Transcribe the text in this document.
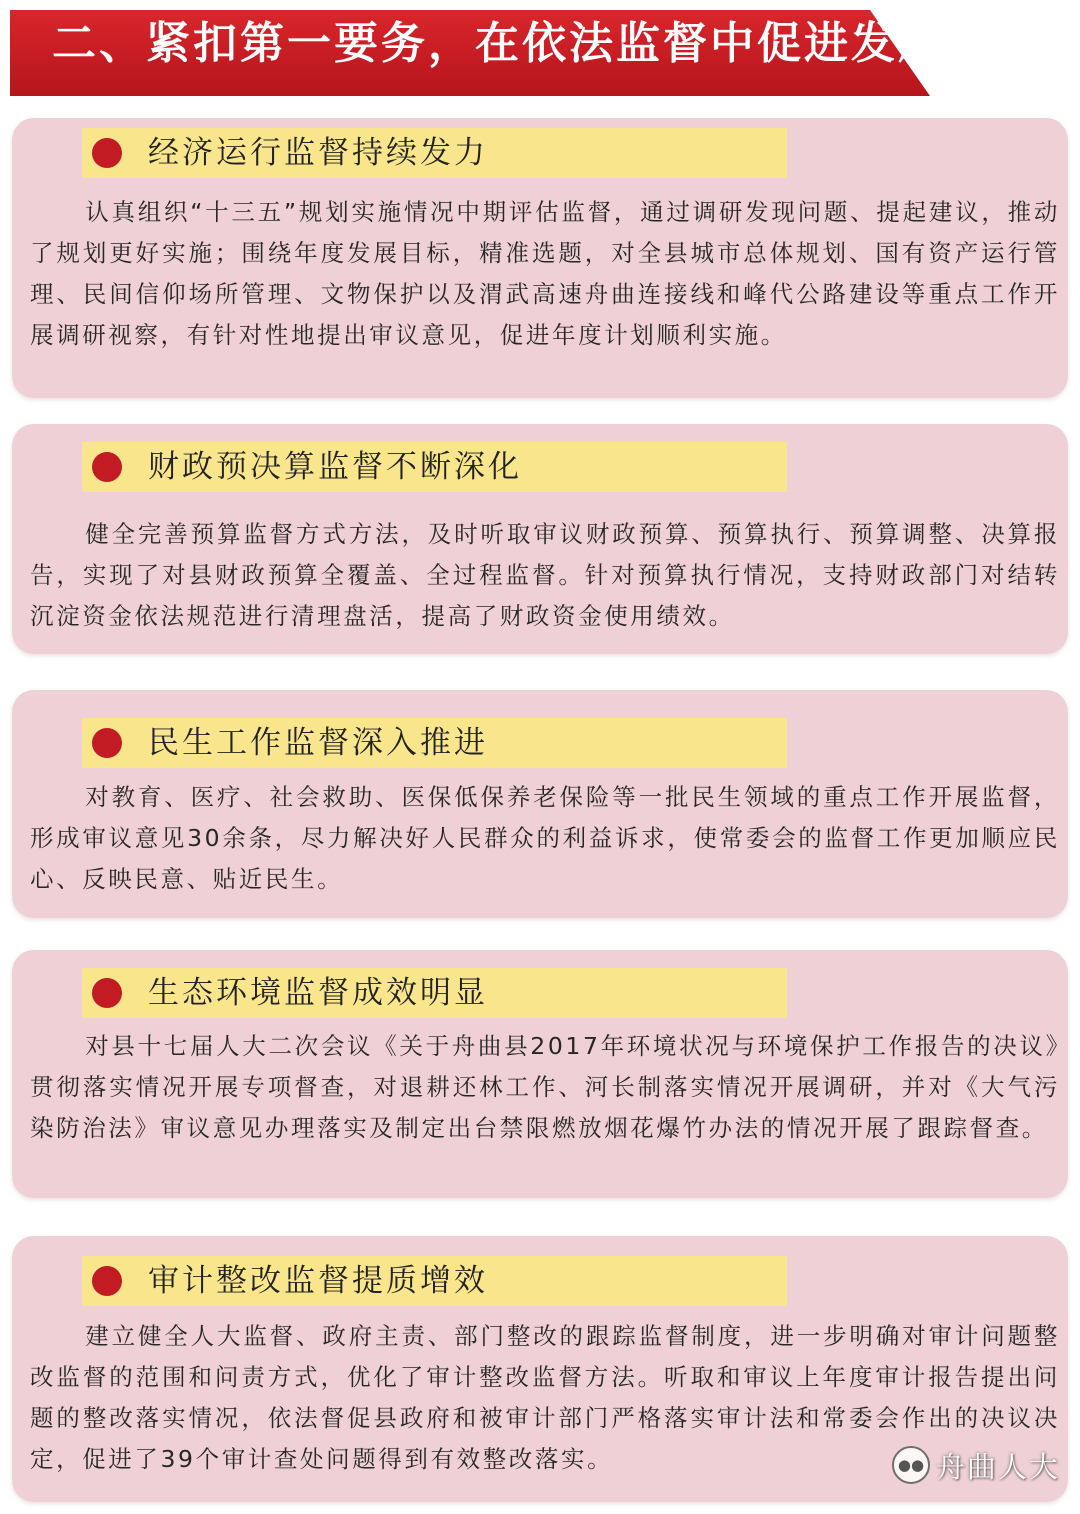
二、紧扣第一要务，在依法监督中促进发展
经济运行监督持续发力
认真组织“十三五”规划实施情况中期评估监督，通过调研发现问题、提起建议，推动了规划更好实施；围绕年度发展目标，精准选题，对全县城市总体规划、国有资产运行管理、民间信仰场所管理、文物保护以及渭武高速舟曲连接线和峰代公路建设等重点工作开展调研视察，有针对性地提出审议意见，促进年度计划顺利实施。
财政预决算监督不断深化
健全完善预算监督方式方法，及时听取审议财政预算、预算执行、预算调整、决算报告，实现了对县财政预算全覆盖、全过程监督。针对预算执行情况，支持财政部门对结转沉淀资金依法规范进行清理盘活，提高了财政资金使用绩效。
民生工作监督深入推进
对教育、医疗、社会救助、医保低保养老保险等一批民生领域的重点工作开展监督，形成审议意见30余条，尽力解决好人民群众的利益诉求，使常委会的监督工作更加顺应民心、反映民意、贴近民生。
生态环境监督成效明显
对县十七届人大二次会议《关于舟曲县2017年环境状况与环境保护工作报告的决议》贯彻落实情况开展专项督查，对退耕还林工作、河长制落实情况开展调研，并对《大气污染防治法》审议意见办理落实及制定出台禁限燃放烟花爆竹办法的情况开展了跟踪督查。
审计整改监督提质增效
建立健全人大监督、政府主责、部门整改的跟踪监督制度，进一步明确对审计问题整改监督的范围和问责方式，优化了审计整改监督方法。听取和审议上年度审计报告提出问题的整改落实情况，依法督促县政府和被审计部门严格落实审计法和常委会作出的决议决定，促进了39个审计查处问题得到有效整改落实。	●● 舟曲人大
